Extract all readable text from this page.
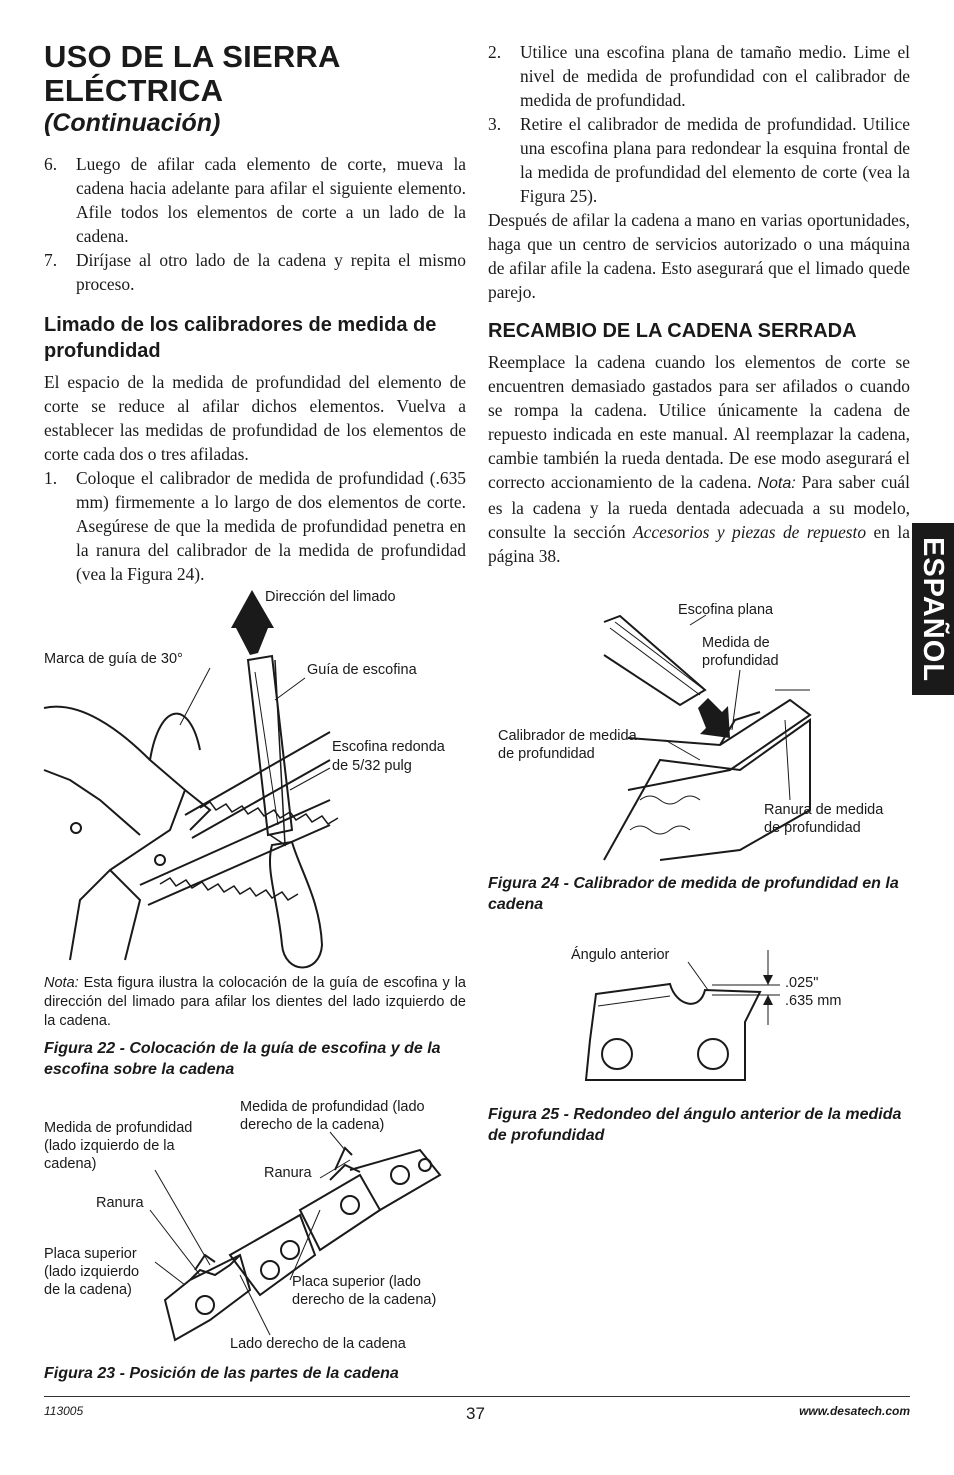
USO DE LA SIERRA
ELÉCTRICA
(Continuación)
6.	Luego de afilar cada elemento de corte, mueva la cadena hacia adelante para afilar el siguiente elemento. Afile todos los elementos de corte a un lado de la cadena.
7.	Diríjase al otro lado de la cadena y repita el mismo proceso.
Limado de los calibradores de medida de profundidad

El espacio de la medida de profundidad del elemento de corte se reduce al afilar dichos elementos. Vuelva a establecer las medidas de profundidad de los elementos de corte cada dos o tres afiladas.

1.	Coloque el calibrador de medida de profundidad (.635 mm) firmemente a lo largo de dos elementos de corte. Asegúrese de que la medida de profundidad penetra en la ranura del calibrador de la medida de profundidad (vea la Figura 24).
2.	Utilice una escofina plana de tamaño medio. Lime el nivel de medida de profundidad con el calibrador de medida de profundidad.
3.	Retire el calibrador de medida de profundidad. Utilice una escofina plana para redondear la esquina frontal de la medida de profundidad del elemento de corte (vea la Figura 25).

Después de afilar la cadena a mano en varias oportunidades, haga que un centro de servicios autorizado o una máquina de afilar afile la cadena. Esto asegurará que el limado quede parejo.

RECAMBIO DE LA CADENA SERRADA

Reemplace la cadena cuando los elementos de corte se encuentren demasiado gastados para ser afilados o cuando se rompa la cadena. Utilice únicamente la cadena de repuesto indicada en este manual. Al reemplazar la cadena, cambie también la rueda dentada. De ese modo asegurará el correcto accionamiento de la cadena. Nota: Para saber cuál es la cadena y la rueda dentada adecuada a su modelo, consulte la sección Accesorios y piezas de repuesto en la página 38.	ESPAÑOL
Dirección del limado
Marca de guía de 30°
Guía de escofina
Escofina redonda
de 5/32 pulg
Nota: Esta figura ilustra la colocación de la guía de escofina y la dirección del limado para afilar los dientes del lado izquierdo de la cadena.
Figura 22 - Colocación de la guía de escofina y de la escofina sobre la cadena
Medida de profundidad
(lado izquierdo de la
cadena)
Medida de profundidad (lado
derecho de la cadena)
Ranura
Ranura
Placa superior
(lado izquierdo
de la cadena)	Placa superior (lado
derecho de la cadena)
Lado derecho de la cadena
Figura 23 - Posición de las partes de la cadena
Escofina plana
Medida de
profundidad
Calibrador de medida
de profundidad
Ranura de medida
de profundidad
Figura 24 - Calibrador de medida de profundidad en la cadena
Ángulo anterior
.025"
.635 mm
Figura 25 - Redondeo del ángulo anterior de la medida de profundidad
113005	37	www.desatech.com
